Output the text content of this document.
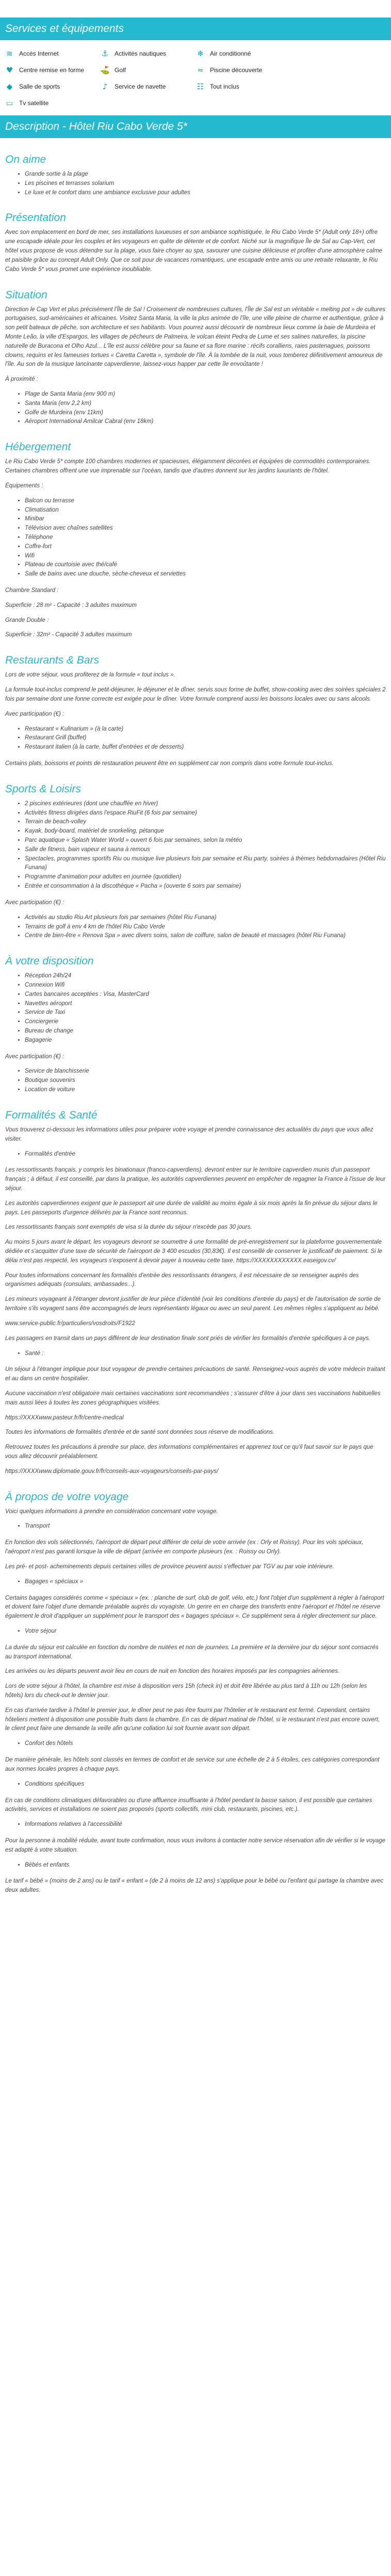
Services et équipements
≋ Accès Internet	⚓ Activités nautiques	❄ Air conditionné
♥ Centre remise en forme ⛳ Golf	≈ Piscine découverte
◆ Salle de sports	♪	Service de navette	☷ Tout inclus
▭ Tv satellite
Description - Hôtel Riu Cabo Verde 5*
On aime
• Grande sortie à la plage
• Les piscines et terrasses solarium
• Le luxe et le confort dans une ambiance exclusive pour adultes
Présentation

Avec son emplacement en bord de mer, ses installations luxueuses et son ambiance sophistiquée, le Riu Cabo Verde 5* (Adult only 18+) offre une escapade idéale pour les couples et les voyageurs en quête de détente et de confort. Niché sur la magnifique Île de Sal au Cap-Vert, cet hôtel vous propose de vous détendre sur la plage, vous faire choyer au spa, savourer une cuisine délicieuse et profiter d'une atmosphère calme et paisible grâce au concept Adult Only. Que ce soit pour de vacances romantiques, une escapade entre amis ou une retraite relaxante, le Riu Cabo Verde 5* vous promet une expérience inoubliable.

Situation

Direction le Cap Vert et plus précisément l'Île de Sal ! Croisement de nombreuses cultures, l'Île de Sal est un véritable « melting pot » de cultures portugaises, sud-américaines et africaines. Visitez Santa Maria, la ville la plus animée de l'île, une ville pleine de charme et authentique, grâce à son petit bateaux de pêche, son architecture et ses habitants. Vous pourrez aussi découvrir de nombreux lieux comme la baie de Murdeira et Monte Leão, la ville d'Espargos, les villages de pêcheurs de Palmeira, le volcan éteint Pedra de Lume et ses salines naturelles, la piscine naturelle de Buracona et Olho Azul... L'île est aussi célèbre pour sa faune et sa flore marine : récifs coralliens, raies pastenagues, poissons clowns, requins et les fameuses tortues « Caretta Caretta », symbole de l'île. À la tombée de la nuit, vous tomberez définitivement amoureux de l'île. Au son de la musique lancinante capverdienne, laissez-vous happer par cette île envoûtante !

À proximité :

• Plage de Santa Maria (env 900 m)
• Santa Maria (env 2,2 km)
• Golfe de Murdeira (env 11km)
• Aéroport International Amilcar Cabral (env 18km)
Hébergement

Le Riu Cabo Verde 5* compte 100 chambres modernes et spacieuses, élégamment décorées et équipées de commodités contemporaines. Certaines chambres offrent une vue imprenable sur l'océan, tandis que d'autres donnent sur les jardins luxuriants de l'hôtel.

Équipements :

• Balcon ou terrasse
• Climatisation
• Minibar
• Télévision avec chaînes satellites
• Téléphone
• Coffre-fort
• Wifi
• Plateau de courtoisie avec thé/café
• Salle de bains avec une douche, sèche-cheveux et serviettes

Chambre Standard :

Superficie : 28 m² - Capacité : 3 adultes maximum

Grande Double :

Superficie : 32m² - Capacité 3 adultes maximum

Restaurants & Bars

Lors de votre séjour, vous profiterez de la formule « tout inclus ».

La formule tout-inclus comprend le petit-déjeuner, le déjeuner et le dîner, servis sous forme de buffet, show-cooking avec des soirées spéciales 2 fois par semaine dont une fonne correcte est exigée pour le dîner. Votre formule comprend aussi les boissons locales avec ou sans alcools.

Avec participation (€) :

• Restaurant « Kulinarium » (à la carte)
• Restaurant Grill (buffet)
• Restaurant italien (à la carte, buffet d'entrées et de desserts)

Certains plats, boissons et points de restauration peuvent être en supplément car non compris dans votre formule tout-inclus.

Sports & Loisirs
• 2 piscines extérieures (dont une chauffée en hiver)
• Activités fitness dirigées dans l'espace RiuFit (6 fois par semaine)
• Terrain de beach-volley
• Kayak, body-board, matériel de snorkeling, pétanque
• Parc aquatique « Splash Water World » ouvert 6 fois par semaines, selon la météo
• Salle de fitness, bain vapeur et sauna à remous
• Spectacles, programmes sportifs Riu ou musique live plusieurs fois par semaine et Riu party, soirées à thèmes hebdomadaires (Hôtel Riu Funana)
• Programme d'animation pour adultes en journée (quotidien)
• Entrée et consommation à la discothèque « Pacha » (ouverte 6 soirs par semaine)

Avec participation (€) :

• Activités au studio Riu Art plusieurs fois par semaines (hôtel Riu Funana)
• Terrains de golf à env 4 km de l'hôtel Riu Cabo Verde
• Centre de bien-être « Renova Spa » avec divers soins, salon de coiffure, salon de beauté et massages (hôtel Riu Funana)
À votre disposition
• Réception 24h/24
• Connexion Wifi
• Cartes bancaires acceptées : Visa, MasterCard
• Navettes aéroport
• Service de Taxi
• Conciergerie
• Bureau de change
• Bagagerie

Avec participation (€) :

• Service de blanchisserie
• Boutique souvenirs
• Location de voiture
Formalités & Santé

Vous trouverez ci-dessous les informations utiles pour préparer votre voyage et prendre connaissance des actualités du pays que vous allez visiter.

• Formalités d'entrée

Les ressortissants français, y compris les binationaux (franco-capverdiens), devront entrer sur le territoire capverdien munis d'un passeport français ; à défaut, il est conseillé, par dans la pratique, les autorités capverdiennes peuvent en empêcher de regagner la France à l'issue de leur séjour.

Les autorités capverdiennes exigent que le passeport ait une durée de validité au moins égale à six mois après la fin prévue du séjour dans le pays. Les passeports d'urgence délivrés par la France sont reconnus.

Les ressortissants français sont exemptés de visa si la durée du séjour n'excède pas 30 jours.

Au moins 5 jours avant le départ, les voyageurs devront se soumettre à une formalité de pré-enregistrement sur la plateforme gouvernementale dédiée et s'acquitter d'une taxe de sécurité de l'aéroport de 3 400 escudos (30,83€). Il est conseillé de conserver le justificatif de paiement. Si le délai n'est pas respecté, les voyageurs s'exposent à devoir payer à nouveau cette taxe. https://XXXXXXXXXXXX.easeigov.cv/

Pour toutes informations concernant les formalités d'entrée des ressortissants étrangers, il est nécessaire de se renseigner auprès des organismes adéquats (consulats, ambassades...).

Les mineurs voyageant à l'étranger devront justifier de leur pièce d'identité (voir les conditions d'entrée du pays) et de l'autorisation de sortie de territoire s'ils voyagent sans être accompagnés de leurs représentants légaux ou avec un seul parent. Les mêmes règles s'appliquent au bébé.

www.service-public.fr/particuliers/vosdroits/F1922

Les passagers en transit dans un pays différent de leur destination finale sont priés de vérifier les formalités d'entrée spécifiques à ce pays.

• Santé :

Un séjour à l'étranger implique pour tout voyageur de prendre certaines précautions de santé. Renseignez-vous auprès de votre médecin traitant et au dans un centre hospitalier.

Aucune vaccination n'est obligatoire mais certaines vaccinations sont recommandées ; s'assurer d'être à jour dans ses vaccinations habituelles mais aussi liées à toutes les zones géographiques visitées.

https://XXXXwww.pasteur.fr/fr/centre-medical

Toutes les informations de formalités d'entrée et de santé sont données sous réserve de modifications.

Retrouvez toutes les précautions à prendre sur place, des informations complémentaires et apprenez tout ce qu'il faut savoir sur le pays que vous allez découvrir préalablement.

https://XXXXwww.diplomatie.gouv.fr/fr/conseils-aux-voyageurs/conseils-par-pays/

À propos de votre voyage

Voici quelques informations à prendre en considération concernant votre voyage.

• Transport

En fonction des vols sélectionnés, l'aéroport de départ peut différer de celui de votre arrivée (ex : Orly et Roissy). Pour les vols spéciaux, l'aéroport n'est pas garanti lorsque la ville de départ (arrivée en comporte plusieurs (ex. : Roissy ou Orly).

Les pré- et post- acheminements depuis certaines villes de province peuvent aussi s'effectuer par TGV au par voie intérieure.

• Bagages « spéciaux »

Certains bagages considérés comme « spéciaux » (ex. : planche de surf, club de golf, vélo, etc.) font l'objet d'un supplément à régler à l'aéroport et doivent faire l'objet d'une demande préalable auprès du voyagiste. Un genre en en charge des transferts entre l'aéroport et l'hôtel ne réserve également le droit d'appliquer un supplément pour le transport des « bagages spéciaux ». Ce supplément sera à régler directement sur place.

• Votre séjour

La durée du séjour est calculée en fonction du nombre de nuitées et non de journées. La première et la dernière jour du séjour sont consacrés au transport international.

Les arrivées ou les départs peuvent avoir lieu en cours de nuit en fonction des horaires imposés par les compagnies aériennes.

Lors de votre séjour à l'hôtel, la chambre est mise à disposition vers 15h (check in) et doit être libérée au plus tard à 11h ou 12h (selon les hôtels) lors du check-out le dernier jour.

En cas d'arrivée tardive à l'hôtel le premier jour, le dîner peut ne pas être fourni par l'hôtelier et le restaurant est fermé. Cependant, certains hôteliers mettent à disposition une possible fruits dans la chambre. En cas de départ matinal de l'hôtel, si le restaurant n'est pas encore ouvert, le client peut faire une demande la veille afin qu'une collation lui soit fournie avant son départ.

• Confort des hôtels

De manière générale, les hôtels sont classés en termes de confort et de service sur une échelle de 2 à 5 étoiles, ces catégories correspondant aux normes locales propres à chaque pays.

• Conditions spécifiques

En cas de conditions climatiques défavorables ou d'une affluence insuffisante à l'hôtel pendant la basse saison, il est possible que certaines activités, services et installations ne soient pas proposés (sports collectifs, mini club, restaurants, piscines, etc.).

• Informations relatives à l'accessibilité

Pour la personne à mobilité réduite, avant toute confirmation, nous vous invitons à contacter notre service réservation afin de vérifier si le voyage est adapté à votre situation.

• Bébés et enfants

Le tarif « bébé » (moins de 2 ans) ou le tarif « enfant » (de 2 à moins de 12 ans) s'applique pour le bébé ou l'enfant qui partage la chambre avec deux adultes.
